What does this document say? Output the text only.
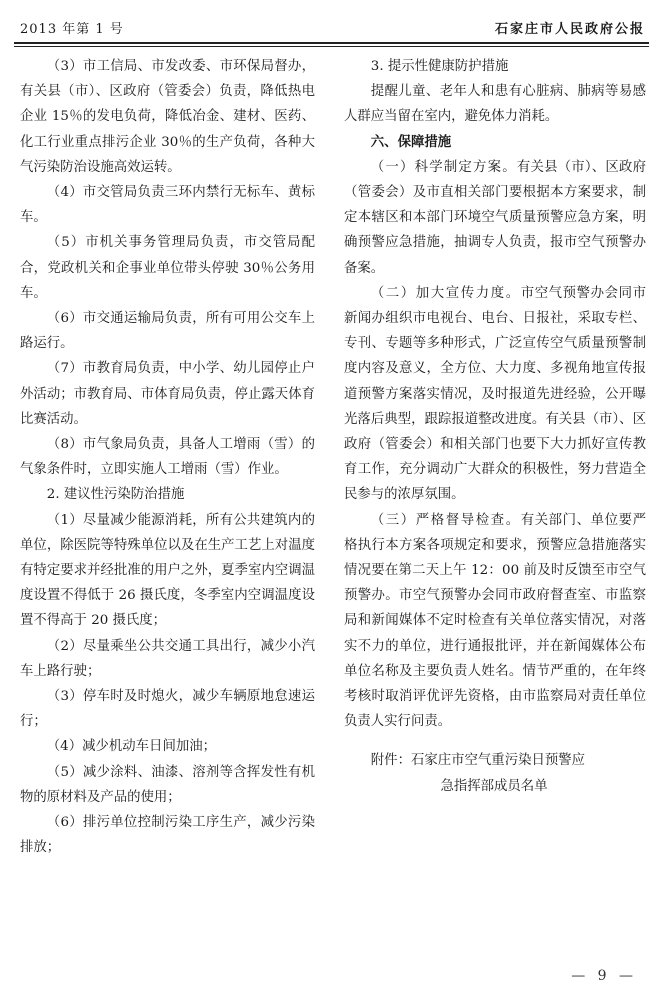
2013 年第 1 号	石家庄市人民政府公报

（3）市工信局、市发改委、市环保局督办，有关县（市）、区政府（管委会）负责，降低热电企业 15％的发电负荷，降低冶金、建材、医药、化工行业重点排污企业 30％的生产负荷，各种大气污染防治设施高效运转。

（4）市交管局负责三环内禁行无标车、黄标车。

（5）市机关事务管理局负责，市交管局配合，党政机关和企事业单位带头停驶 30％公务用车。

（6）市交通运输局负责，所有可用公交车上路运行。

（7）市教育局负责，中小学、幼儿园停止户外活动；市教育局、市体育局负责，停止露天体育比赛活动。

（8）市气象局负责，具备人工增雨（雪）的气象条件时，立即实施人工增雨（雪）作业。

2. 建议性污染防治措施

（1）尽量减少能源消耗，所有公共建筑内的单位，除医院等特殊单位以及在生产工艺上对温度有特定要求并经批准的用户之外，夏季室内空调温度设置不得低于 26 摄氏度，冬季室内空调温度设置不得高于 20 摄氏度；

（2）尽量乘坐公共交通工具出行，减少小汽车上路行驶；

（3）停车时及时熄火，减少车辆原地怠速运行；

（4）减少机动车日间加油；

（5）减少涂料、油漆、溶剂等含挥发性有机物的原材料及产品的使用；

（6）排污单位控制污染工序生产，减少污染排放；

3. 提示性健康防护措施

提醒儿童、老年人和患有心脏病、肺病等易感人群应当留在室内，避免体力消耗。

六、保障措施

（一）科学制定方案。有关县（市）、区政府（管委会）及市直相关部门要根据本方案要求，制定本辖区和本部门环境空气质量预警应急方案，明确预警应急措施，抽调专人负责，报市空气预警办备案。

（二）加大宣传力度。市空气预警办会同市新闻办组织市电视台、电台、日报社，采取专栏、专刊、专题等多种形式，广泛宣传空气质量预警制度内容及意义，全方位、大力度、多视角地宣传报道预警方案落实情况，及时报道先进经验，公开曝光落后典型，跟踪报道整改进度。有关县（市）、区政府（管委会）和相关部门也要下大力抓好宣传教育工作，充分调动广大群众的积极性，努力营造全民参与的浓厚氛围。

（三）严格督导检查。有关部门、单位要严格执行本方案各项规定和要求，预警应急措施落实情况要在第二天上午 12：00 前及时反馈至市空气预警办。市空气预警办会同市政府督查室、市监察局和新闻媒体不定时检查有关单位落实情况，对落实不力的单位，进行通报批评，并在新闻媒体公布单位名称及主要负责人姓名。情节严重的，在年终考核时取消评优评先资格，由市监察局对责任单位负责人实行问责。

附件：石家庄市空气重污染日预警应
急指挥部成员名单

— 9 —
